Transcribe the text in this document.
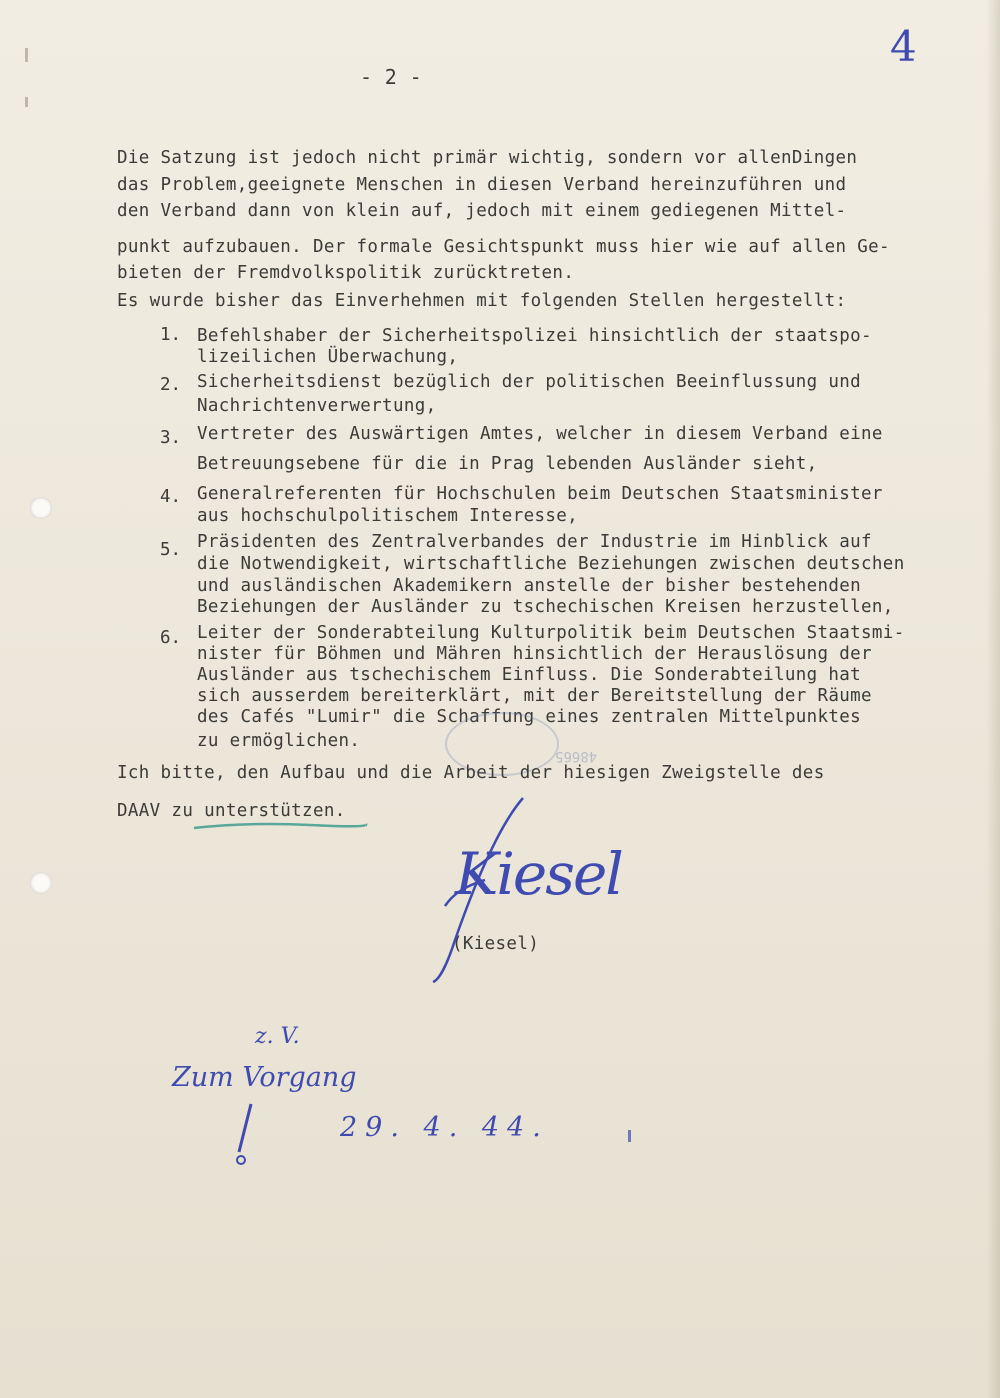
- 2 -

4

Die Satzung ist jedoch nicht primär wichtig, sondern vor allenDingen

das Problem,geeignete Menschen in diesen Verband hereinzuführen und

den Verband dann von klein auf, jedoch mit einem gediegenen Mittel-

punkt aufzubauen. Der formale Gesichtspunkt muss hier wie auf allen Ge-

bieten der Fremdvolkspolitik zurücktreten.

Es wurde bisher das Einverhehmen mit folgenden Stellen hergestellt:

1. Befehlshaber der Sicherheitspolizei hinsichtlich der staatspo-

lizeilichen Überwachung,

2. Sicherheitsdienst bezüglich der politischen Beeinflussung und

Nachrichtenverwertung,

3. Vertreter des Auswärtigen Amtes, welcher in diesem Verband eine

Betreuungsebene für die in Prag lebenden Ausländer sieht,

4. Generalreferenten für Hochschulen beim Deutschen Staatsminister

aus hochschulpolitischem Interesse,

5. Präsidenten des Zentralverbandes der Industrie im Hinblick auf

die Notwendigkeit, wirtschaftliche Beziehungen zwischen deutschen

und ausländischen Akademikern anstelle der bisher bestehenden

Beziehungen der Ausländer zu tschechischen Kreisen herzustellen,

6. Leiter der Sonderabteilung Kulturpolitik beim Deutschen Staatsmi-

nister für Böhmen und Mähren hinsichtlich der Herauslösung der

Ausländer aus tschechischem Einfluss. Die Sonderabteilung hat

sich ausserdem bereiterklärt, mit der Bereitstellung der Räume

des Cafés "Lumir" die Schaffung eines zentralen Mittelpunktes

zu ermöglichen.

48665

Ich bitte, den Aufbau und die Arbeit der hiesigen Zweigstelle des

DAAV zu unterstützen.

Kiesel

(Kiesel)

z. V.

Zum Vorgang

29. 4. 44.
